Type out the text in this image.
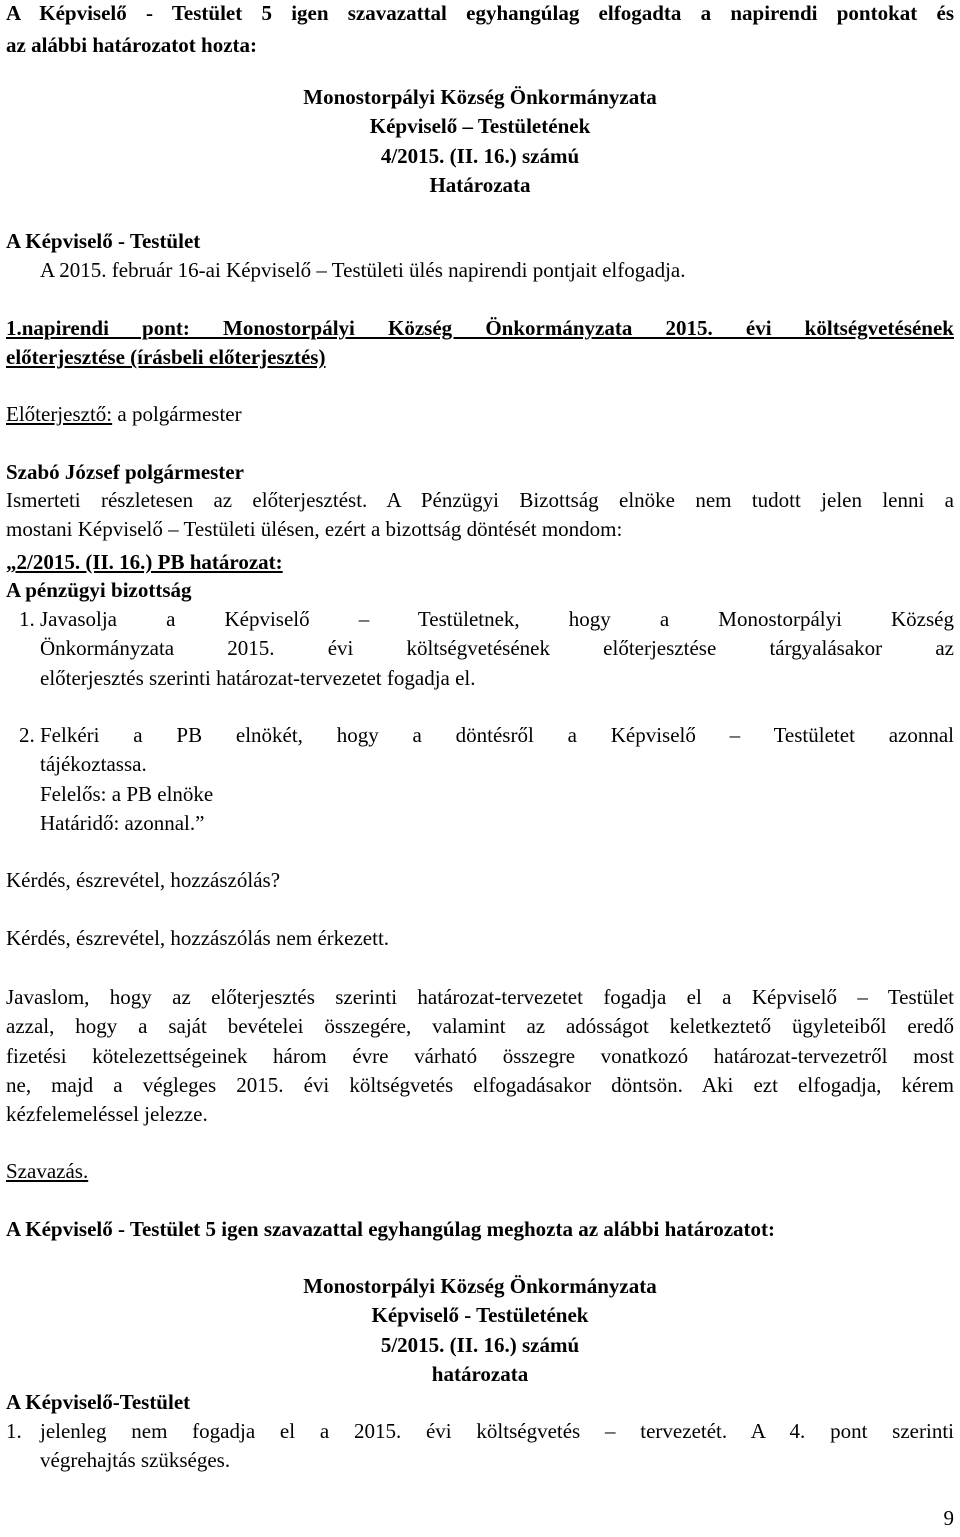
A Képviselő - Testület 5 igen szavazattal egyhangúlag elfogadta a napirendi pontokat és
az alábbi határozatot hozta:
Monostorpályi Község Önkormányzata
Képviselő – Testületének
4/2015. (II. 16.) számú
Határozata
A Képviselő - Testület
A 2015. február 16-ai Képviselő – Testületi ülés napirendi pontjait elfogadja.
1.napirendi pont: Monostorpályi Község Önkormányzata 2015. évi költségvetésének
előterjesztése (írásbeli előterjesztés)
Előterjesztő: a polgármester
Szabó József polgármester
Ismerteti részletesen az előterjesztést. A Pénzügyi Bizottság elnöke nem tudott jelen lenni a
mostani Képviselő – Testületi ülésen, ezért a bizottság döntését mondom:
„2/2015. (II. 16.) PB határozat:
A pénzügyi bizottság
1. Javasolja a Képviselő – Testületnek, hogy a Monostorpályi Község
Önkormányzata 2015. évi költségvetésének előterjesztése tárgyalásakor az
előterjesztés szerinti határozat-tervezetet fogadja el.
2. Felkéri a PB elnökét, hogy a döntésről a Képviselő – Testületet azonnal
tájékoztassa.
Felelős: a PB elnöke
Határidő: azonnal.”
Kérdés, észrevétel, hozzászólás?
Kérdés, észrevétel, hozzászólás nem érkezett.
Javaslom, hogy az előterjesztés szerinti határozat-tervezetet fogadja el a Képviselő – Testület
azzal, hogy a saját bevételei összegére, valamint az adósságot keletkeztető ügyleteiből eredő
fizetési kötelezettségeinek három évre várható összegre vonatkozó határozat-tervezetről most
ne, majd a végleges 2015. évi költségvetés elfogadásakor döntsön. Aki ezt elfogadja, kérem
kézfelemeléssel jelezze.
Szavazás.
A Képviselő - Testület 5 igen szavazattal egyhangúlag meghozta az alábbi határozatot:
Monostorpályi Község Önkormányzata
Képviselő - Testületének
5/2015. (II. 16.) számú
határozata
A Képviselő-Testület
1. jelenleg nem fogadja el a 2015. évi költségvetés – tervezetét. A 4. pont szerinti
végrehajtás szükséges.
9
